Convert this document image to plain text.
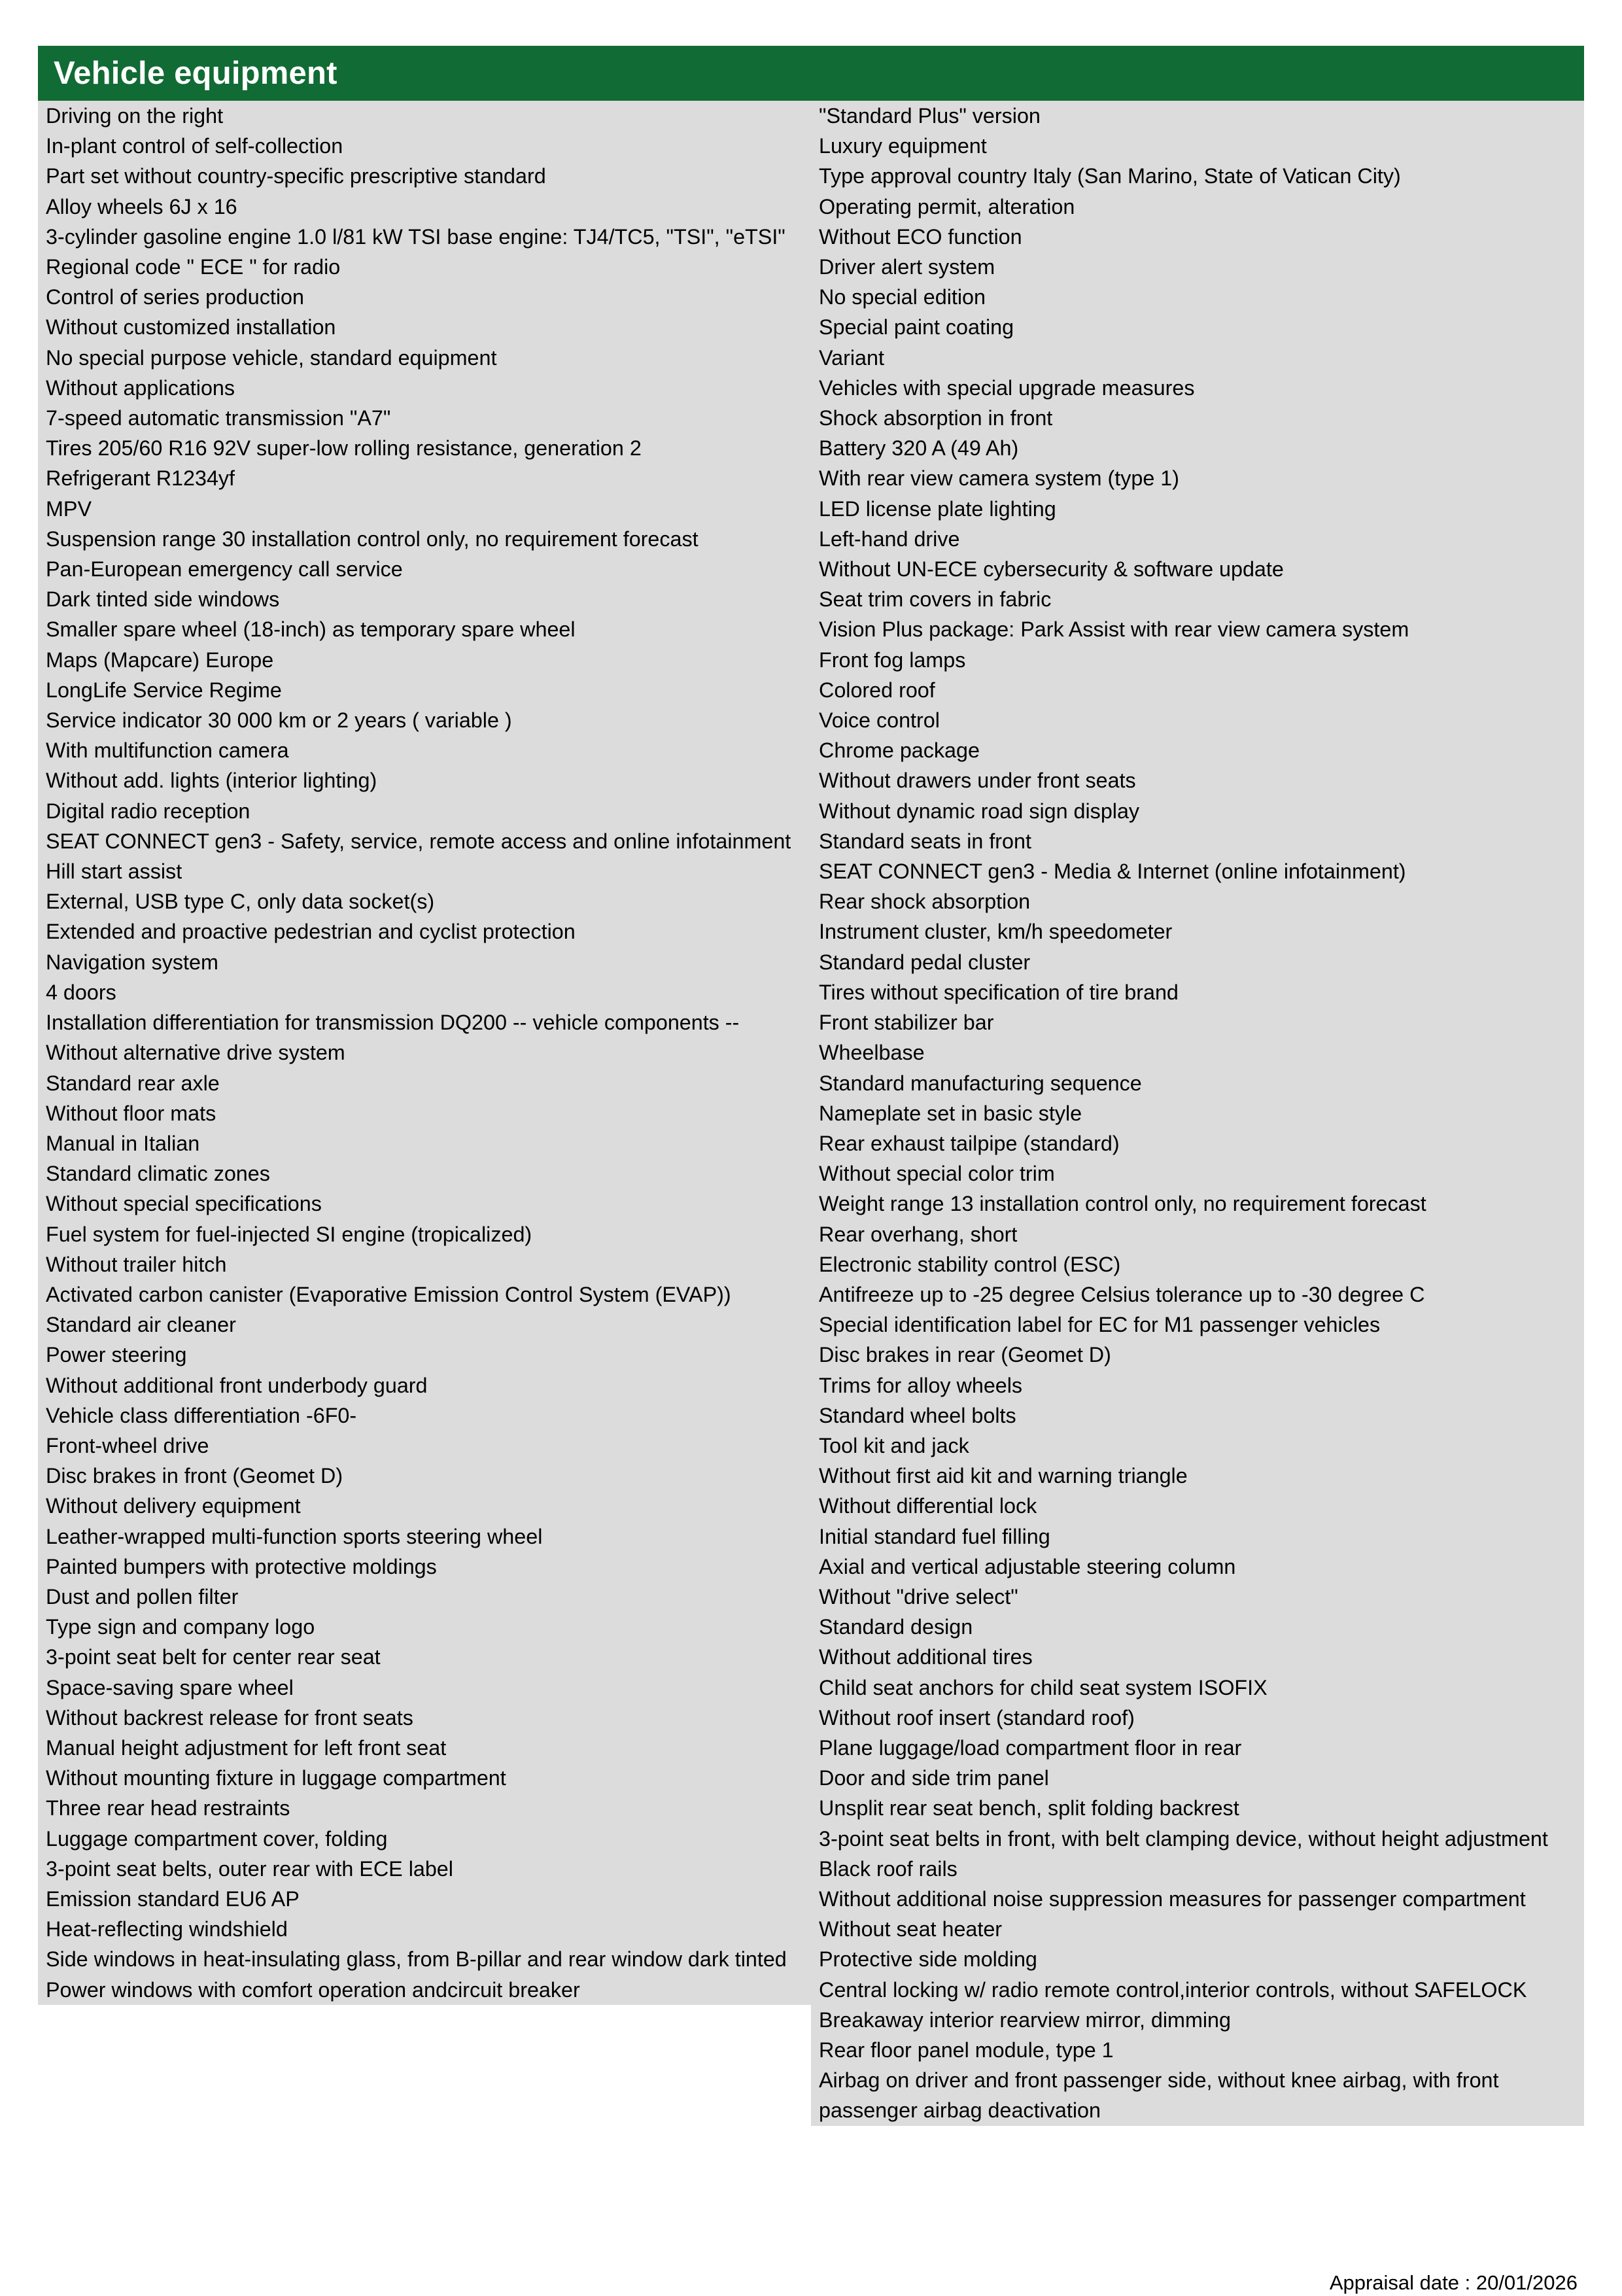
Vehicle equipment
Driving on the right
In-plant control of self-collection
Part set without country-specific prescriptive standard
Alloy wheels 6J x 16
3-cylinder gasoline engine 1.0 l/81 kW TSI base engine: TJ4/TC5, "TSI", "eTSI"
Regional code " ECE " for radio
Control of series production
Without customized installation
No special purpose vehicle, standard equipment
Without applications
7-speed automatic transmission "A7"
Tires 205/60 R16 92V super-low rolling resistance, generation 2
Refrigerant R1234yf
MPV
Suspension range 30 installation control only, no requirement forecast
Pan-European emergency call service
Dark tinted side windows
Smaller spare wheel (18-inch) as temporary spare wheel
Maps (Mapcare) Europe
LongLife Service Regime
Service indicator 30 000 km or 2 years ( variable )
With multifunction camera
Without add. lights (interior lighting)
Digital radio reception
SEAT CONNECT gen3 - Safety, service, remote access and online infotainment
Hill start assist
External, USB type C, only data socket(s)
Extended and proactive pedestrian and cyclist protection
Navigation system
4 doors
Installation differentiation for transmission DQ200 -- vehicle components --
Without alternative drive system
Standard rear axle
Without floor mats
Manual in Italian
Standard climatic zones
Without special specifications
Fuel system for fuel-injected SI engine (tropicalized)
Without trailer hitch
Activated carbon canister (Evaporative Emission Control System (EVAP))
Standard air cleaner
Power steering
Without additional front underbody guard
Vehicle class differentiation -6F0-
Front-wheel drive
Disc brakes in front (Geomet D)
Without delivery equipment
Leather-wrapped multi-function sports steering wheel
Painted bumpers with protective moldings
Dust and pollen filter
Type sign and company logo
3-point seat belt for center rear seat
Space-saving spare wheel
Without backrest release for front seats
Manual height adjustment for left front seat
Without mounting fixture in luggage compartment
Three rear head restraints
Luggage compartment cover, folding
3-point seat belts, outer rear with ECE label
Emission standard EU6 AP
Heat-reflecting windshield
Side windows in heat-insulating glass, from B-pillar and rear window dark tinted
Power windows with comfort operation andcircuit breaker
"Standard Plus" version
Luxury equipment
Type approval country Italy (San Marino, State of Vatican City)
Operating permit, alteration
Without ECO function
Driver alert system
No special edition
Special paint coating
Variant
Vehicles with special upgrade measures
Shock absorption in front
Battery 320 A (49 Ah)
With rear view camera system (type 1)
LED license plate lighting
Left-hand drive
Without UN-ECE cybersecurity & software update
Seat trim covers in fabric
Vision Plus package: Park Assist with rear view camera system
Front fog lamps
Colored roof
Voice control
Chrome package
Without drawers under front seats
Without dynamic road sign display
Standard seats in front
SEAT CONNECT gen3 - Media & Internet (online infotainment)
Rear shock absorption
Instrument cluster, km/h speedometer
Standard pedal cluster
Tires without specification of tire brand
Front stabilizer bar
Wheelbase
Standard manufacturing sequence
Nameplate set in basic style
Rear exhaust tailpipe (standard)
Without special color trim
Weight range 13 installation control only, no requirement forecast
Rear overhang, short
Electronic stability control (ESC)
Antifreeze up to -25 degree Celsius tolerance up to -30 degree C
Special identification label for EC for M1 passenger vehicles
Disc brakes in rear (Geomet D)
Trims for alloy wheels
Standard wheel bolts
Tool kit and jack
Without first aid kit and warning triangle
Without differential lock
Initial standard fuel filling
Axial and vertical adjustable steering column
Without "drive select"
Standard design
Without additional tires
Child seat anchors for child seat system ISOFIX
Without roof insert (standard roof)
Plane luggage/load compartment floor in rear
Door and side trim panel
Unsplit rear seat bench, split folding backrest
3-point seat belts in front, with belt clamping device, without height adjustment
Black roof rails
Without additional noise suppression measures for passenger compartment
Without seat heater
Protective side molding
Central locking w/ radio remote control,interior controls, without SAFELOCK
Breakaway interior rearview mirror, dimming
Rear floor panel module, type 1
Airbag on driver and front passenger side, without knee airbag, with front passenger airbag deactivation
Appraisal date : 20/01/2026
